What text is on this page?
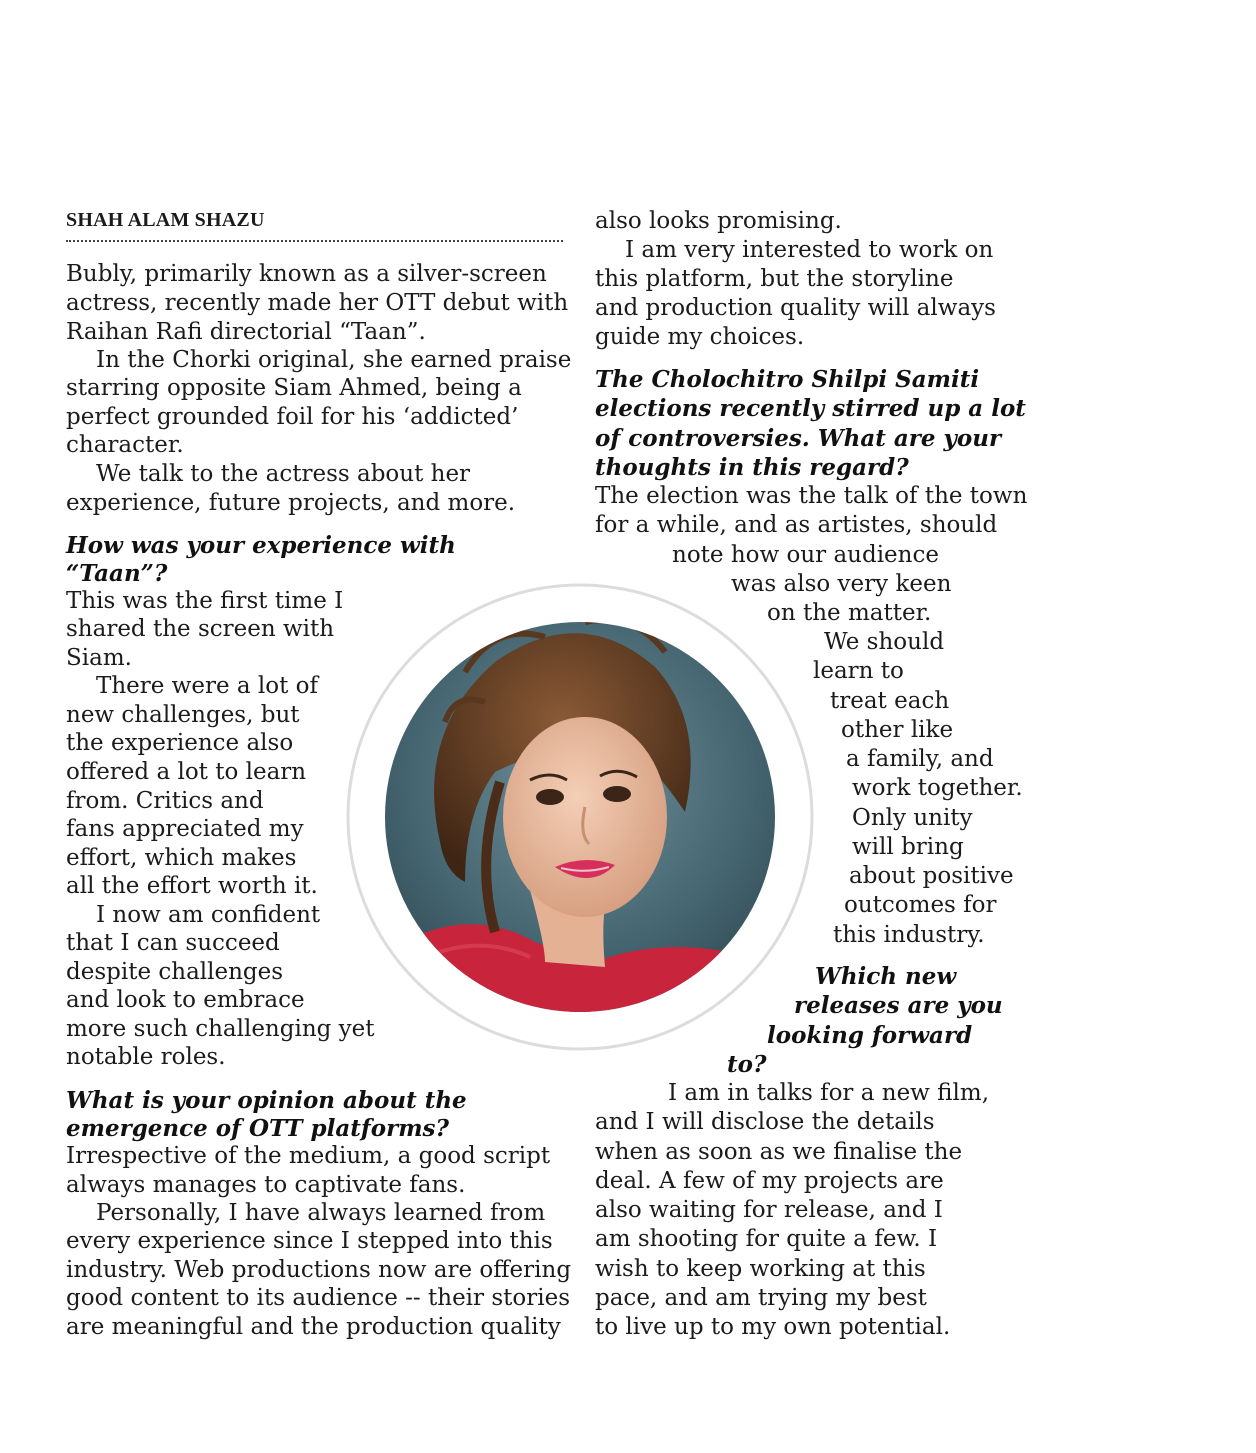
SHAH ALAM SHAZU
Bubly, primarily known as a silver-screen
actress, recently made her OTT debut with
Raihan Rafi directorial “Taan”.
In the Chorki original, she earned praise
starring opposite Siam Ahmed, being a
perfect grounded foil for his ‘addicted’
character.
We talk to the actress about her
experience, future projects, and more.
How was your experience with
“Taan”?
This was the first time I
shared the screen with
Siam.
There were a lot of
new challenges, but
the experience also
offered a lot to learn
from. Critics and
fans appreciated my
effort, which makes
all the effort worth it.
I now am confident
that I can succeed
despite challenges
and look to embrace
more such challenging yet
notable roles.
What is your opinion about the
emergence of OTT platforms?
Irrespective of the medium, a good script
always manages to captivate fans.
Personally, I have always learned from
every experience since I stepped into this
industry. Web productions now are offering
good content to its audience -- their stories
are meaningful and the production quality
also looks promising.
I am very interested to work on
this platform, but the storyline
and production quality will always
guide my choices.
The Cholochitro Shilpi Samiti
elections recently stirred up a lot
of controversies. What are your
thoughts in this regard?
The election was the talk of the town
for a while, and as artistes, should
note how our audience
was also very keen
on the matter.
We should
learn to
treat each
other like
a family, and
work together.
Only unity
will bring
about positive
outcomes for
this industry.
Which new
releases are you
looking forward
to?
I am in talks for a new film,
and I will disclose the details
when as soon as we finalise the
deal. A few of my projects are
also waiting for release, and I
am shooting for quite a few. I
wish to keep working at this
pace, and am trying my best
to live up to my own potential.
